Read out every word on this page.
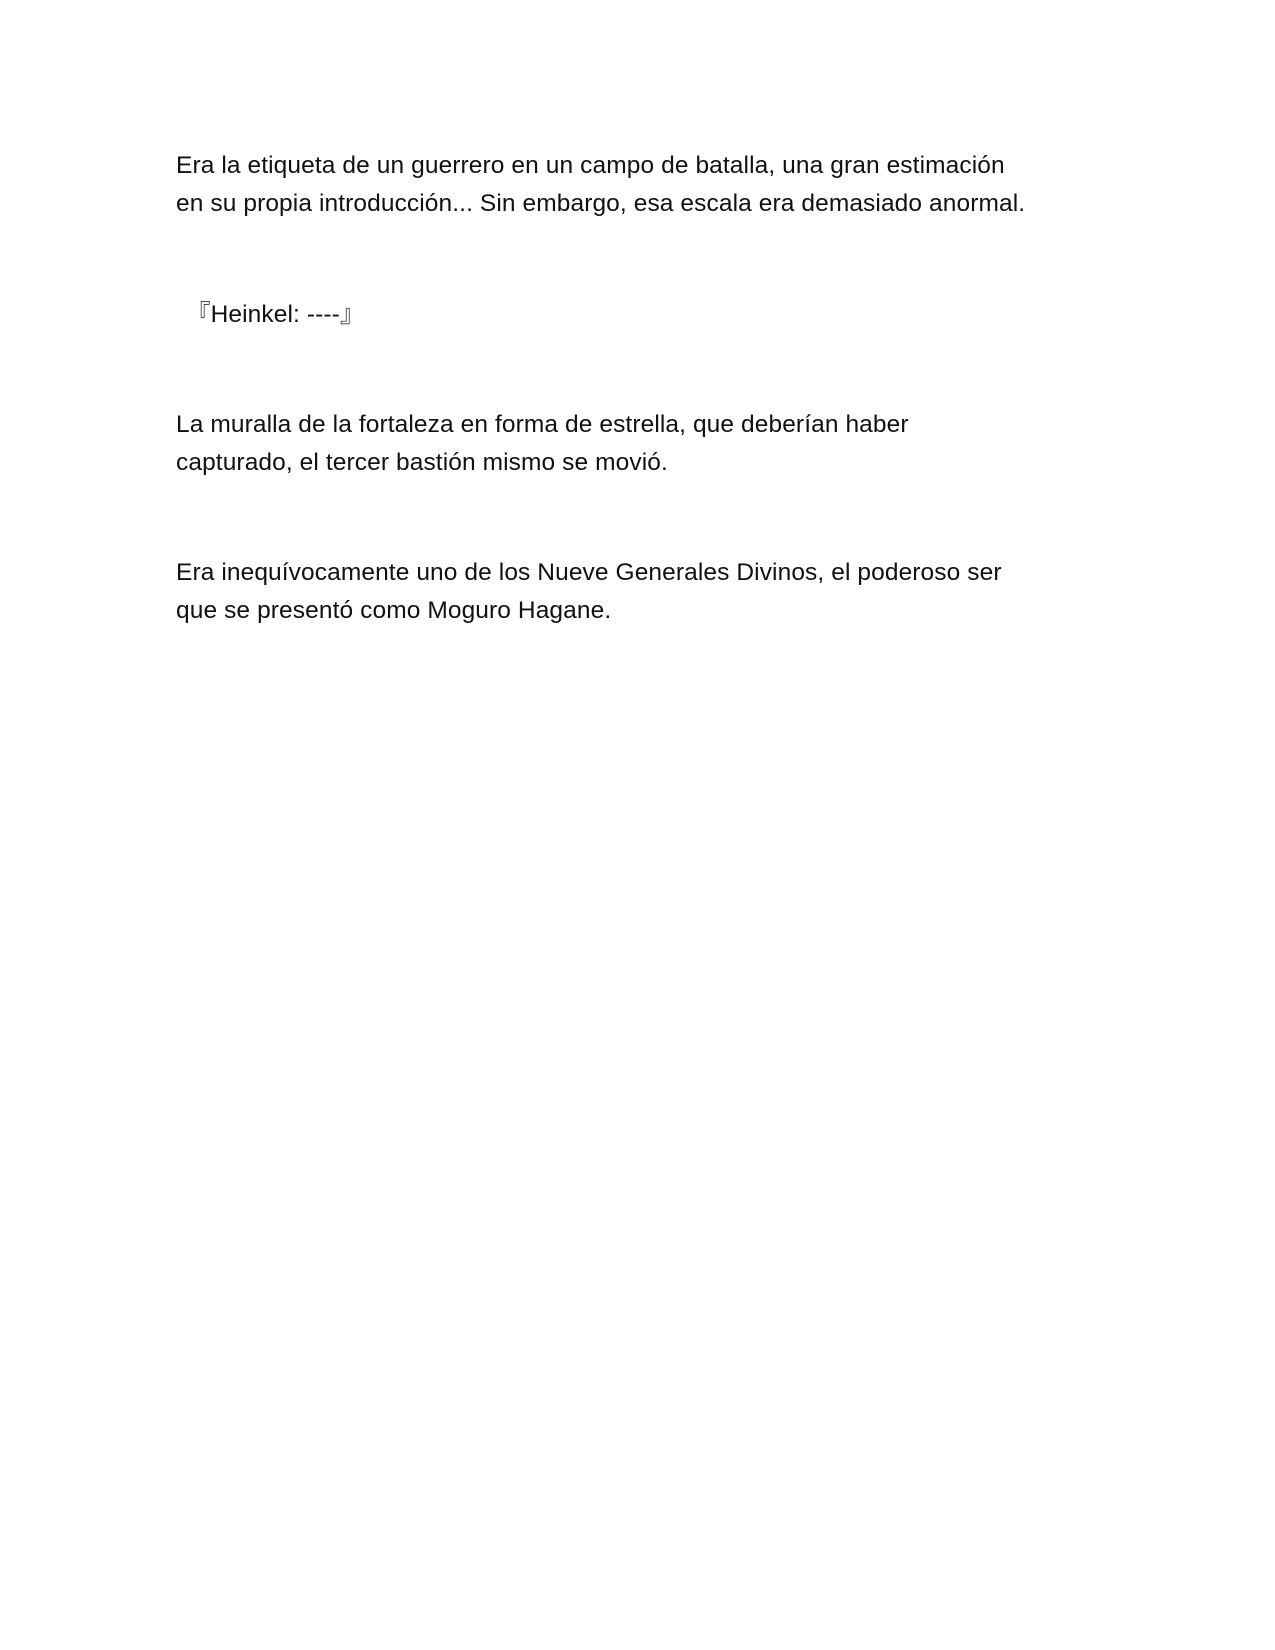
Era la etiqueta de un guerrero en un campo de batalla, una gran estimación
en su propia introducción... Sin embargo, esa escala era demasiado anormal.

『Heinkel: ----』

La muralla de la fortaleza en forma de estrella, que deberían haber
capturado, el tercer bastión mismo se movió.

Era inequívocamente uno de los Nueve Generales Divinos, el poderoso ser
que se presentó como Moguro Hagane.
